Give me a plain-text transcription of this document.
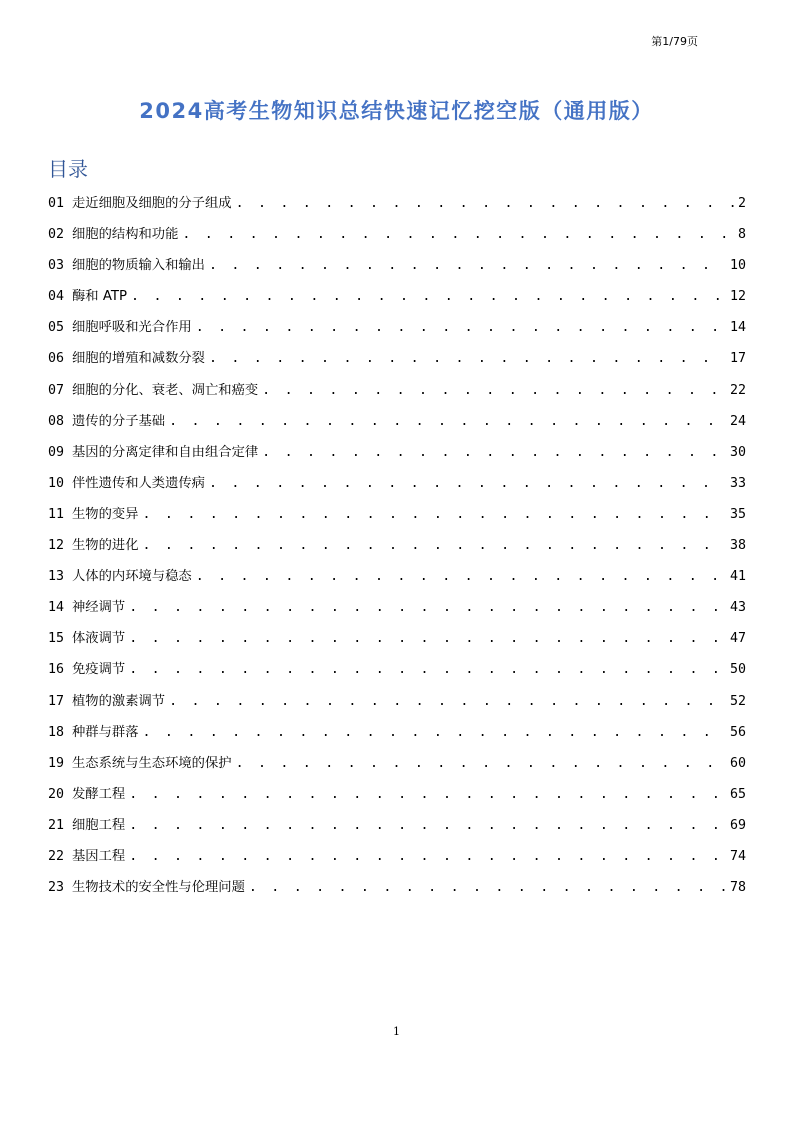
第1/79页
2024高考生物知识总结快速记忆挖空版（通用版）
目录
01 走近细胞及细胞的分子组成 . . .	2
02 细胞的结构和功能 . . .	8
03 细胞的物质输入和输出 . . .	10
04 酶和 ATP . . .	12
05 细胞呼吸和光合作用 . . .	14
06 细胞的增殖和减数分裂 . . .	17
07 细胞的分化、衰老、凋亡和癌变 . . .	22
08 遗传的分子基础 . . .	24
09 基因的分离定律和自由组合定律 . . .	30
10 伴性遗传和人类遗传病 . . .	33
11 生物的变异 . . .	35
12 生物的进化 . . .	38
13 人体的内环境与稳态 . . .	41
14 神经调节 . . .	43
15 体液调节 . . .	47
16 免疫调节 . . .	50
17 植物的激素调节 . . .	52
18 种群与群落 . . .	56
19 生态系统与生态环境的保护 . . .	60
20 发酵工程 . . .	65
21 细胞工程 . . .	69
22 基因工程 . . .	74
23 生物技术的安全性与伦理问题 . . .	78
1
